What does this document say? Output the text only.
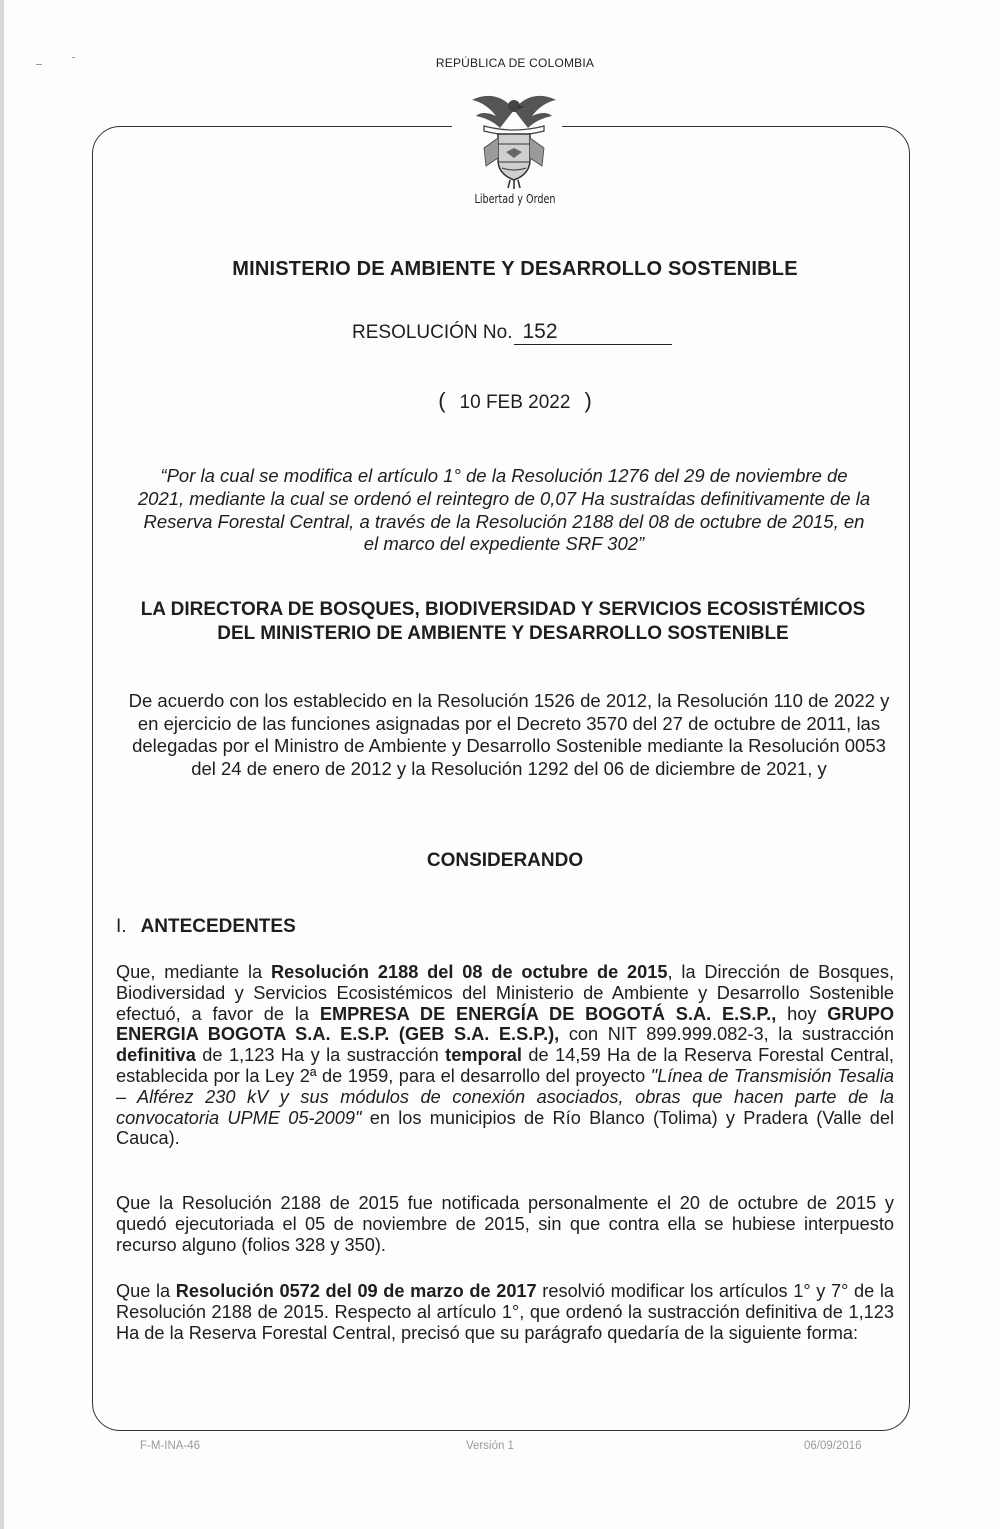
REPÚBLICA DE COLOMBIA
Libertad y Orden
MINISTERIO DE AMBIENTE Y DESARROLLO SOSTENIBLE
RESOLUCIÓN No. 152
( 10 FEB 2022 )
“Por la cual se modifica el artículo 1° de la Resolución 1276 del 29 de noviembre de 2021, mediante la cual se ordenó el reintegro de 0,07 Ha sustraídas definitivamente de la Reserva Forestal Central, a través de la Resolución 2188 del 08 de octubre de 2015, en el marco del expediente SRF 302”
LA DIRECTORA DE BOSQUES, BIODIVERSIDAD Y SERVICIOS ECOSISTÉMICOS
DEL MINISTERIO DE AMBIENTE Y DESARROLLO SOSTENIBLE
De acuerdo con los establecido en la Resolución 1526 de 2012, la Resolución 110 de 2022 y en ejercicio de las funciones asignadas por el Decreto 3570 del 27 de octubre de 2011, las delegadas por el Ministro de Ambiente y Desarrollo Sostenible mediante la Resolución 0053 del 24 de enero de 2012 y la Resolución 1292 del 06 de diciembre de 2021, y
CONSIDERANDO
I. ANTECEDENTES
Que, mediante la Resolución 2188 del 08 de octubre de 2015, la Dirección de Bosques, Biodiversidad y Servicios Ecosistémicos del Ministerio de Ambiente y Desarrollo Sostenible efectuó, a favor de la EMPRESA DE ENERGÍA DE BOGOTÁ S.A. E.S.P., hoy GRUPO ENERGIA BOGOTA S.A. E.S.P. (GEB S.A. E.S.P.), con NIT 899.999.082-3, la sustracción definitiva de 1,123 Ha y la sustracción temporal de 14,59 Ha de la Reserva Forestal Central, establecida por la Ley 2ª de 1959, para el desarrollo del proyecto "Línea de Transmisión Tesalia – Alférez 230 kV y sus módulos de conexión asociados, obras que hacen parte de la convocatoria UPME 05-2009" en los municipios de Río Blanco (Tolima) y Pradera (Valle del Cauca).
Que la Resolución 2188 de 2015 fue notificada personalmente el 20 de octubre de 2015 y quedó ejecutoriada el 05 de noviembre de 2015, sin que contra ella se hubiese interpuesto recurso alguno (folios 328 y 350).
Que la Resolución 0572 del 09 de marzo de 2017 resolvió modificar los artículos 1° y 7° de la Resolución 2188 de 2015. Respecto al artículo 1°, que ordenó la sustracción definitiva de 1,123 Ha de la Reserva Forestal Central, precisó que su parágrafo quedaría de la siguiente forma:
F-M-INA-46	Versión 1	06/09/2016
